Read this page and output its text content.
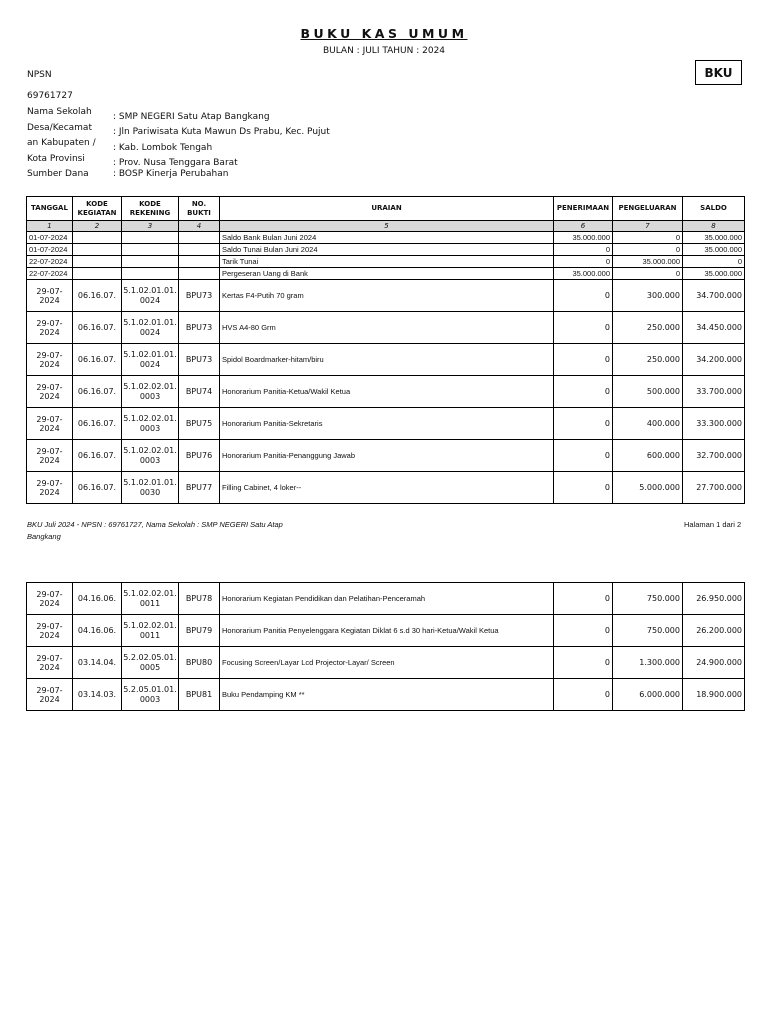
BUKU KAS UMUM
BULAN : JULI TAHUN : 2024
BKU
NPSN
69761727
Nama Sekolah : SMP NEGERI Satu Atap Bangkang
Desa/Kecamat : Jln Pariwisata Kuta Mawun Ds Prabu, Kec. Pujut
an Kabupaten / : Kab. Lombok Tengah
Kota Provinsi	: Prov. Nusa Tenggara Barat
Sumber Dana	: BOSP Kinerja Perubahan
TANGGAL	KODE KEGIATAN	KODE REKENING	NO. BUKTI	URAIAN	PENERIMAAN	PENGELUARAN	SALDO
1	2	3	4	5	6	7	8
01-07-2024				Saldo Bank Bulan Juni 2024	35.000.000	0	35.000.000
01-07-2024				Saldo Tunai Bulan Juni 2024	0	0	35.000.000
22-07-2024				Tarik Tunai	0	35.000.000	0
22-07-2024				Pergeseran Uang di Bank	35.000.000	0	35.000.000
29-07-2024	06.16.07.	5.1.02.01.01.0024	BPU73	Kertas F4-Putih 70 gram	0	300.000	34.700.000
29-07-2024	06.16.07.	5.1.02.01.01.0024	BPU73	HVS A4-80 Grm	0	250.000	34.450.000
29-07-2024	06.16.07.	5.1.02.01.01.0024	BPU73	Spidol Boardmarker-hitam/biru	0	250.000	34.200.000
29-07-2024	06.16.07.	5.1.02.02.01.0003	BPU74	Honorarium Panitia-Ketua/Wakil Ketua	0	500.000	33.700.000
29-07-2024	06.16.07.	5.1.02.02.01.0003	BPU75	Honorarium Panitia-Sekretaris	0	400.000	33.300.000
29-07-2024	06.16.07.	5.1.02.02.01.0003	BPU76	Honorarium Panitia-Penanggung Jawab	0	600.000	32.700.000
29-07-2024	06.16.07.	5.1.02.01.01.0030	BPU77	Filling Cabinet, 4 loker--	0	5.000.000	27.700.000
BKU Juli 2024 - NPSN : 69761727, Nama Sekolah : SMP NEGERI Satu Atap Bangkang
Halaman 1 dari 2
29-07-2024	04.16.06.	5.1.02.02.01.0011	BPU78	Honorarium Kegiatan Pendidikan dan Pelatihan-Penceramah	0	750.000	26.950.000
29-07-2024	04.16.06.	5.1.02.02.01.0011	BPU79	Honorarium Panitia Penyelenggara Kegiatan Diklat 6 s.d 30 hari-Ketua/Wakil Ketua	0	750.000	26.200.000
29-07-2024	03.14.04.	5.2.02.05.01.0005	BPU80	Focusing Screen/Layar Lcd Projector-Layar/ Screen	0	1.300.000	24.900.000
29-07-2024	03.14.03.	5.2.05.01.01.0003	BPU81	Buku Pendamping KM **	0	6.000.000	18.900.000
